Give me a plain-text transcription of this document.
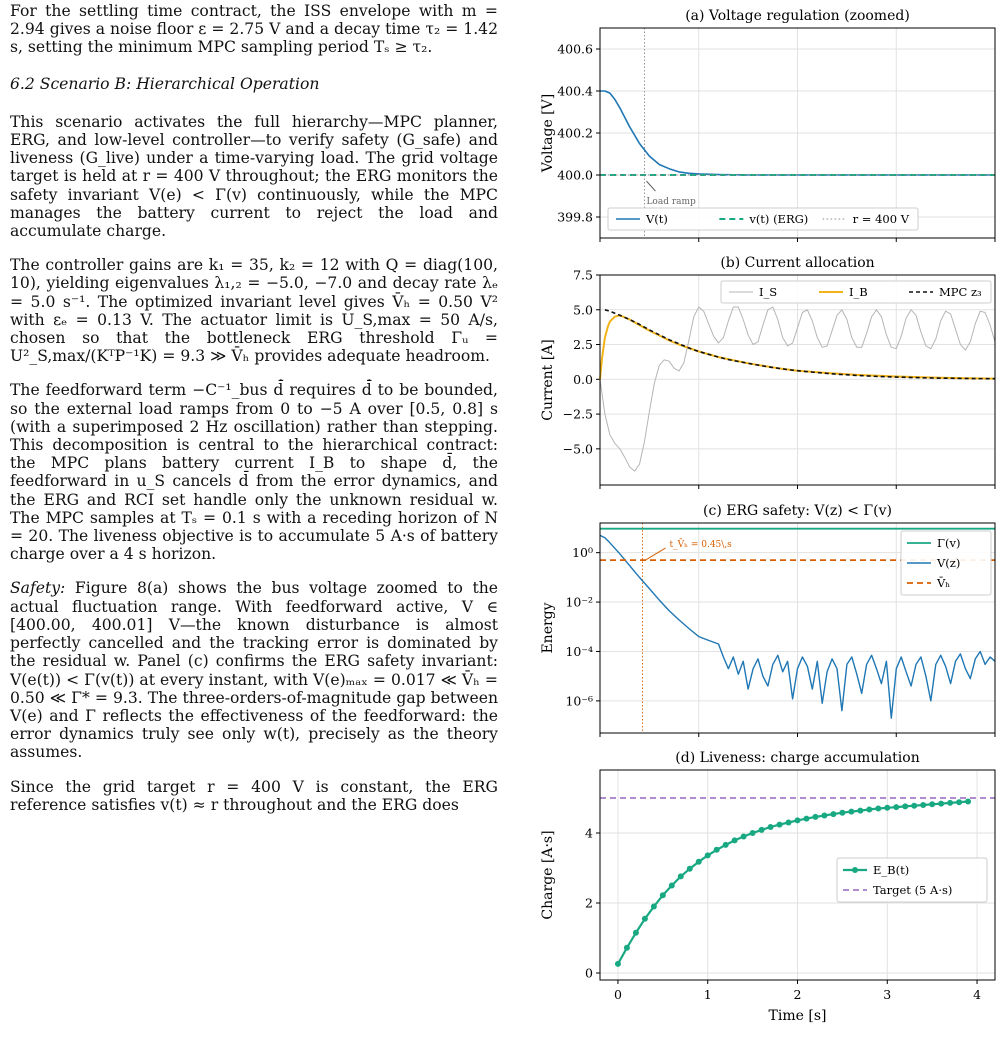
For the settling time contract, the ISS envelope with m = 2.94 gives a noise floor ε = 2.75 V and a decay time τ₂ = 1.42 s, setting the minimum MPC sampling period Tₛ ≥ τ₂.

6.2 Scenario B: Hierarchical Operation

This scenario activates the full hierarchy—MPC planner, ERG, and low-level controller—to verify safety (G_safe) and liveness (G_live) under a time-varying load. The grid voltage target is held at r = 400 V throughout; the ERG monitors the safety invariant V(e) < Γ(v) continuously, while the MPC manages the battery current to reject the load and accumulate charge.

The controller gains are k₁ = 35, k₂ = 12 with Q = diag(100, 10), yielding eigenvalues λ₁,₂ = −5.0, −7.0 and decay rate λₑ = 5.0 s⁻¹. The optimized invariant level gives V̄ₕ = 0.50 V² with εₑ = 0.13 V. The actuator limit is U_S,max = 50 A/s, chosen so that the bottleneck ERG threshold Γᵤ = U²_S,max/(KᵀP⁻¹K) = 9.3 ≫ V̄ₕ provides adequate headroom.

The feedforward term −C⁻¹_bus d̄̇ requires d̄̇ to be bounded, so the external load ramps from 0 to −5 A over [0.5, 0.8] s (with a superimposed 2 Hz oscillation) rather than stepping. This decomposition is central to the hierarchical contract: the MPC plans battery current I_B to shape d̄, the feedforward in u_S cancels d̄ from the error dynamics, and the ERG and RCI set handle only the unknown residual w. The MPC samples at Tₛ = 0.1 s with a receding horizon of N = 20. The liveness objective is to accumulate 5 A·s of battery charge over a 4 s horizon.

Safety: Figure 8(a) shows the bus voltage zoomed to the actual fluctuation range. With feedforward active, V ∈ [400.00, 400.01] V—the known disturbance is almost perfectly cancelled and the tracking error is dominated by the residual w. Panel (c) confirms the ERG safety invariant: V(e(t)) < Γ(v(t)) at every instant, with V(e)ₘₐₓ = 0.017 ≪ V̄ₕ = 0.50 ≪ Γ* = 9.3. The three-orders-of-magnitude gap between V(e) and Γ reflects the effectiveness of the feedforward: the error dynamics truly see only w(t), precisely as the theory assumes.

Since the grid target r = 400 V is constant, the ERG reference satisfies v(t) ≈ r throughout and the ERG does

399.8
400.0
400.2
400.4
400.6
(a) Voltage regulation (zoomed)
Voltage [V]
Load ramp
V(t)	v(t) (ERG)	r = 400 V
−5.0
−2.5
0.0
2.5
5.0
7.5
(b) Current allocation
Current [A]
I_S	I_B	MPC z₃
10⁻⁶
10⁻⁴
10⁻²
10⁰
(c) ERG safety: V(z) < Γ(v)
Energy
t_V̄ₕ = 0.45\,s	Γ(v)
V(z)
V̄ₕ
0
2
4
0	1	2	3	4
Time [s]
(d) Liveness: charge accumulation
Charge [A·s]	E_B(t)
Target (5 A·s)
